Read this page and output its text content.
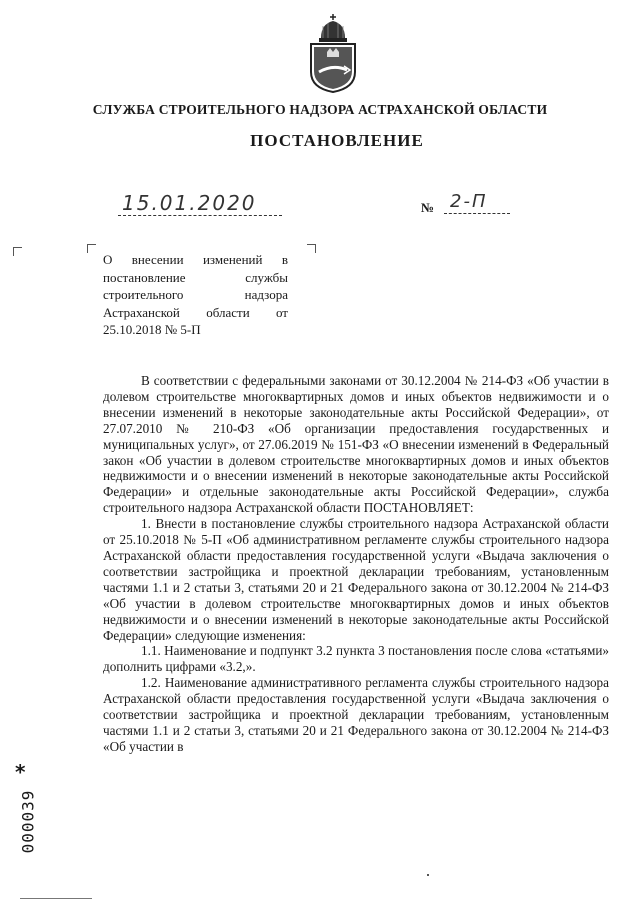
СЛУЖБА СТРОИТЕЛЬНОГО НАДЗОРА АСТРАХАНСКОЙ ОБЛАСТИ
ПОСТАНОВЛЕНИЕ
15.01.2020	№ 2-П
О внесении изменений в постановление службы строительного надзора Астраханской области от 25.10.2018 № 5-П

В соответствии с федеральными законами от 30.12.2004 № 214-ФЗ «Об участии в долевом строительстве многоквартирных домов и иных объектов недвижимости и о внесении изменений в некоторые законодательные акты Российской Федерации», от 27.07.2010 № 210-ФЗ «Об организации предоставления государственных и муниципальных услуг», от 27.06.2019 № 151-ФЗ «О внесении изменений в Федеральный закон «Об участии в долевом строительстве многоквартирных домов и иных объектов недвижимости и о внесении изменений в некоторые законодательные акты Российской Федерации» и отдельные законодательные акты Российской Федерации», служба строительного надзора Астраханской области ПОСТАНОВЛЯЕТ:

1. Внести в постановление службы строительного надзора Астраханской области от 25.10.2018 № 5-П «Об административном регламенте службы строительного надзора Астраханской области предоставления государственной услуги «Выдача заключения о соответствии застройщика и проектной декларации требованиям, установленным частями 1.1 и 2 статьи 3, статьями 20 и 21 Федерального закона от 30.12.2004 № 214-ФЗ «Об участии в долевом строительстве многоквартирных домов и иных объектов недвижимости и о внесении изменений в некоторые законодательные акты Российской Федерации» следующие изменения:

1.1. Наименование и подпункт 3.2 пункта 3 постановления после слова «статьями» дополнить цифрами «3.2,».

1.2. Наименование административного регламента службы строительного надзора Астраханской области предоставления государственной услуги «Выдача заключения о соответствии застройщика и проектной декларации требованиям, установленным частями 1.1 и 2 статьи 3, статьями 20 и 21 Федерального закона от 30.12.2004 № 214-ФЗ «Об участии в

*
000039
